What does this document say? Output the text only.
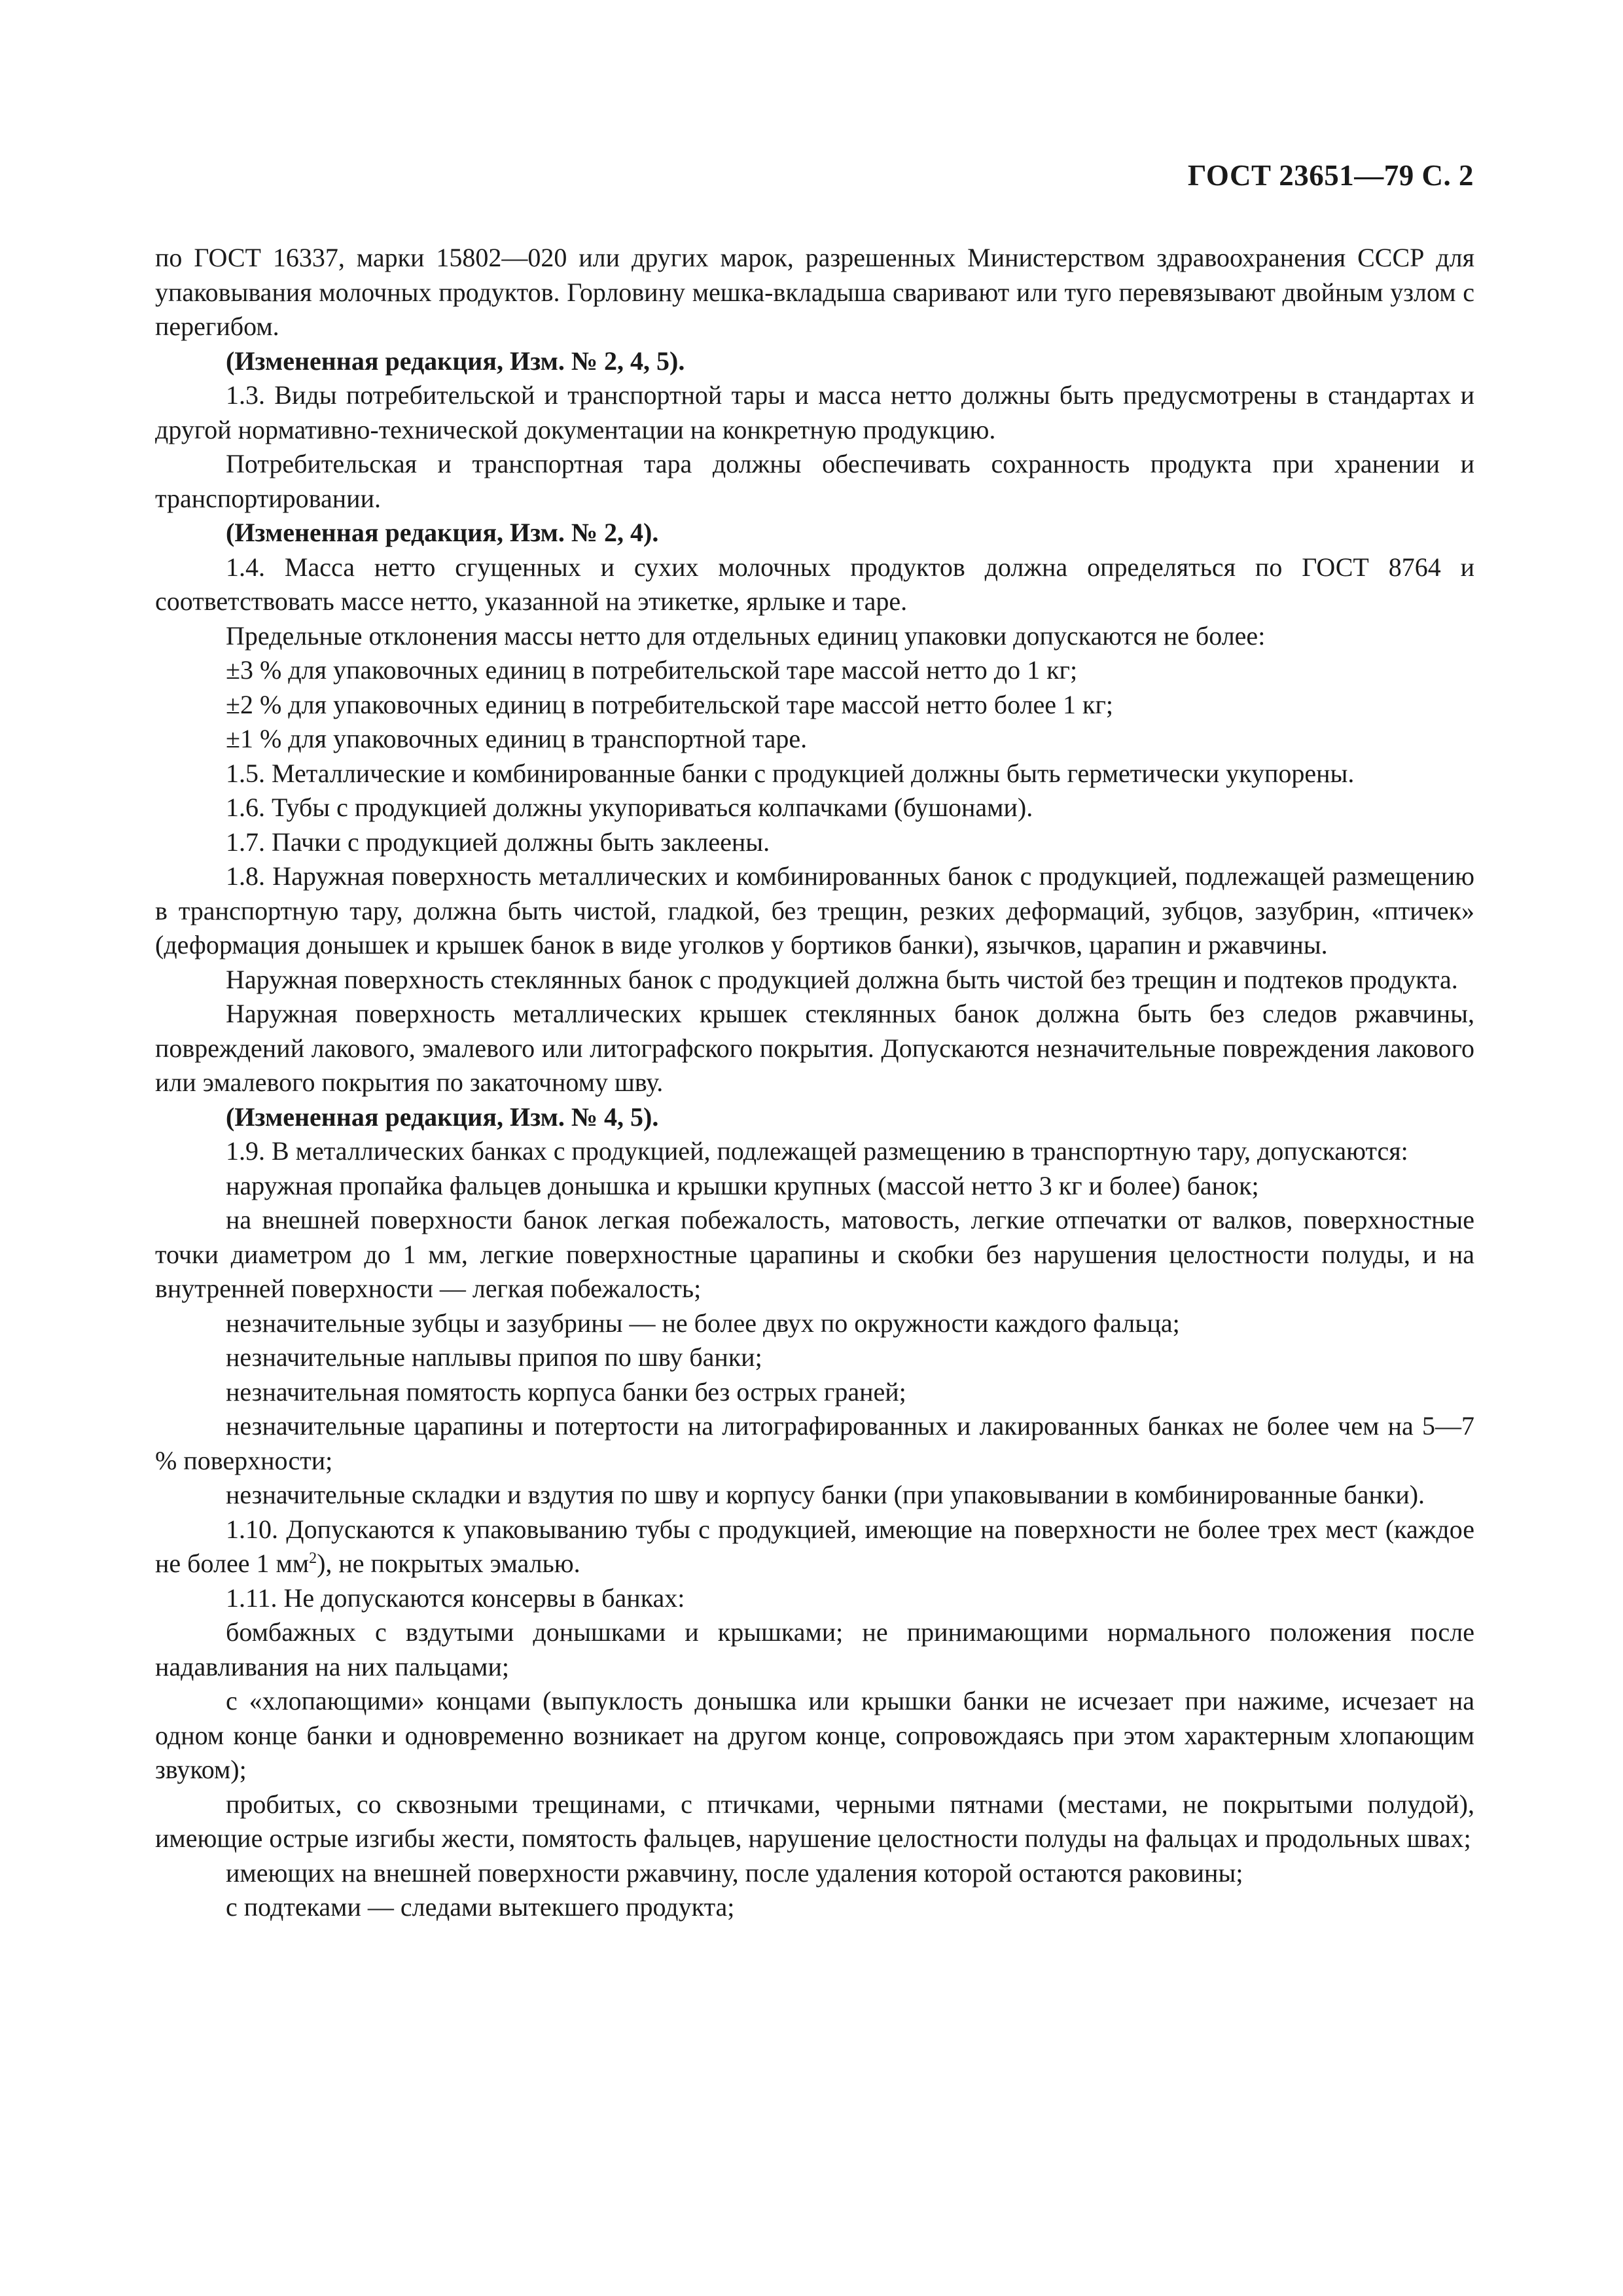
ГОСТ 23651—79 С. 2

по ГОСТ 16337, марки 15802—020 или других марок, разрешенных Министерством здравоохранения СССР для упаковывания молочных продуктов. Горловину мешка-вкладыша сваривают или туго перевязывают двойным узлом с перегибом.

(Измененная редакция, Изм. № 2, 4, 5).

1.3. Виды потребительской и транспортной тары и масса нетто должны быть предусмотрены в стандартах и другой нормативно-технической документации на конкретную продукцию.

Потребительская и транспортная тара должны обеспечивать сохранность продукта при хранении и транспортировании.

(Измененная редакция, Изм. № 2, 4).

1.4. Масса нетто сгущенных и сухих молочных продуктов должна определяться по ГОСТ 8764 и соответствовать массе нетто, указанной на этикетке, ярлыке и таре.

Предельные отклонения массы нетто для отдельных единиц упаковки допускаются не более:

±3 % для упаковочных единиц в потребительской таре массой нетто до 1 кг;

±2 % для упаковочных единиц в потребительской таре массой нетто более 1 кг;

±1 % для упаковочных единиц в транспортной таре.

1.5. Металлические и комбинированные банки с продукцией должны быть герметически укупорены.

1.6. Тубы с продукцией должны укупориваться колпачками (бушонами).

1.7. Пачки с продукцией должны быть заклеены.

1.8. Наружная поверхность металлических и комбинированных банок с продукцией, подлежащей размещению в транспортную тару, должна быть чистой, гладкой, без трещин, резких деформаций, зубцов, зазубрин, «птичек» (деформация донышек и крышек банок в виде уголков у бортиков банки), язычков, царапин и ржавчины.

Наружная поверхность стеклянных банок с продукцией должна быть чистой без трещин и подтеков продукта.

Наружная поверхность металлических крышек стеклянных банок должна быть без следов ржавчины, повреждений лакового, эмалевого или литографского покрытия. Допускаются незначительные повреждения лакового или эмалевого покрытия по закаточному шву.

(Измененная редакция, Изм. № 4, 5).

1.9. В металлических банках с продукцией, подлежащей размещению в транспортную тару, допускаются:

наружная пропайка фальцев донышка и крышки крупных (массой нетто 3 кг и более) банок;

на внешней поверхности банок легкая побежалость, матовость, легкие отпечатки от валков, поверхностные точки диаметром до 1 мм, легкие поверхностные царапины и скобки без нарушения целостности полуды, и на внутренней поверхности — легкая побежалость;

незначительные зубцы и зазубрины — не более двух по окружности каждого фальца;

незначительные наплывы припоя по шву банки;

незначительная помятость корпуса банки без острых граней;

незначительные царапины и потертости на литографированных и лакированных банках не более чем на 5—7 % поверхности;

незначительные складки и вздутия по шву и корпусу банки (при упаковывании в комбинированные банки).

1.10. Допускаются к упаковыванию тубы с продукцией, имеющие на поверхности не более трех мест (каждое не более 1 $мм^2$), не покрытых эмалью.

1.11. Не допускаются консервы в банках:

бомбажных с вздутыми донышками и крышками; не принимающими нормального положения после надавливания на них пальцами;

с «хлопающими» концами (выпуклость донышка или крышки банки не исчезает при нажиме, исчезает на одном конце банки и одновременно возникает на другом конце, сопровождаясь при этом характерным хлопающим звуком);

пробитых, со сквозными трещинами, с птичками, черными пятнами (местами, не покрытыми полудой), имеющие острые изгибы жести, помятость фальцев, нарушение целостности полуды на фальцах и продольных швах;

имеющих на внешней поверхности ржавчину, после удаления которой остаются раковины;

с подтеками — следами вытекшего продукта;
